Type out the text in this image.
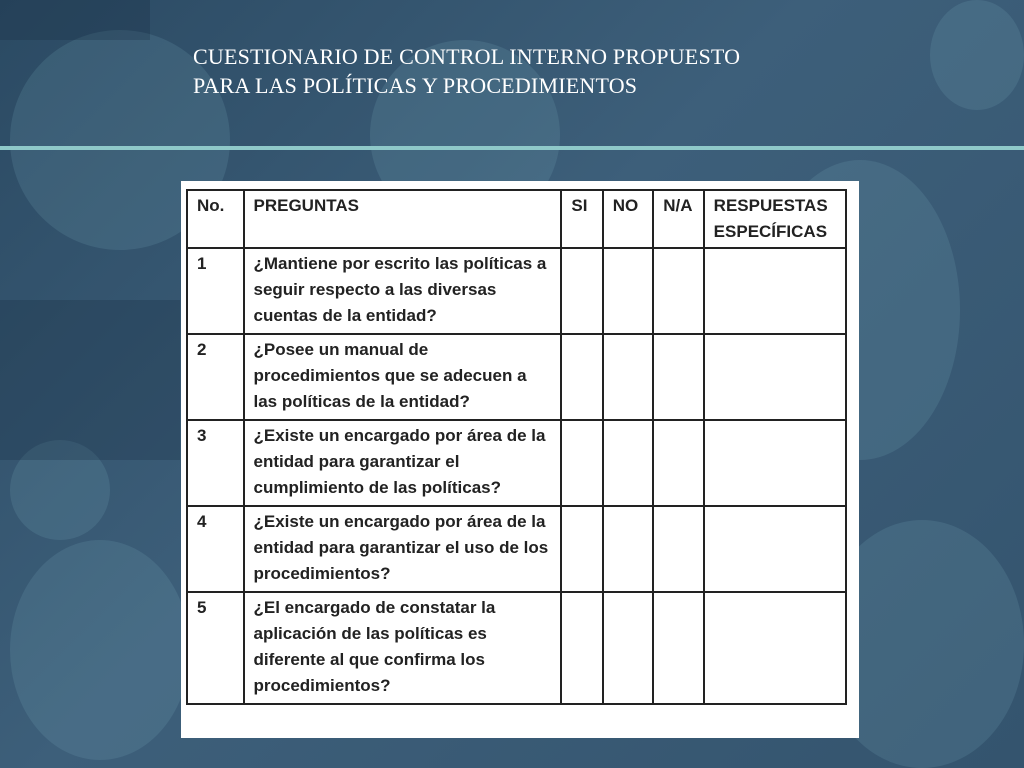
CUESTIONARIO DE CONTROL INTERNO PROPUESTO
PARA LAS POLÍTICAS Y PROCEDIMIENTOS
No.	PREGUNTAS	SI	NO	N/A	RESPUESTAS ESPECÍFICAS
1	¿Mantiene por escrito las políticas a seguir respecto a las diversas cuentas de la entidad?				
2	¿Posee un manual de procedimientos que se adecuen a las políticas de la entidad?				
3	¿Existe un encargado por área de la entidad para garantizar el cumplimiento de las políticas?				
4	¿Existe un encargado por área de la entidad para garantizar el uso de los procedimientos?				
5	¿El encargado de constatar la aplicación de las políticas es diferente al que confirma los procedimientos?				
